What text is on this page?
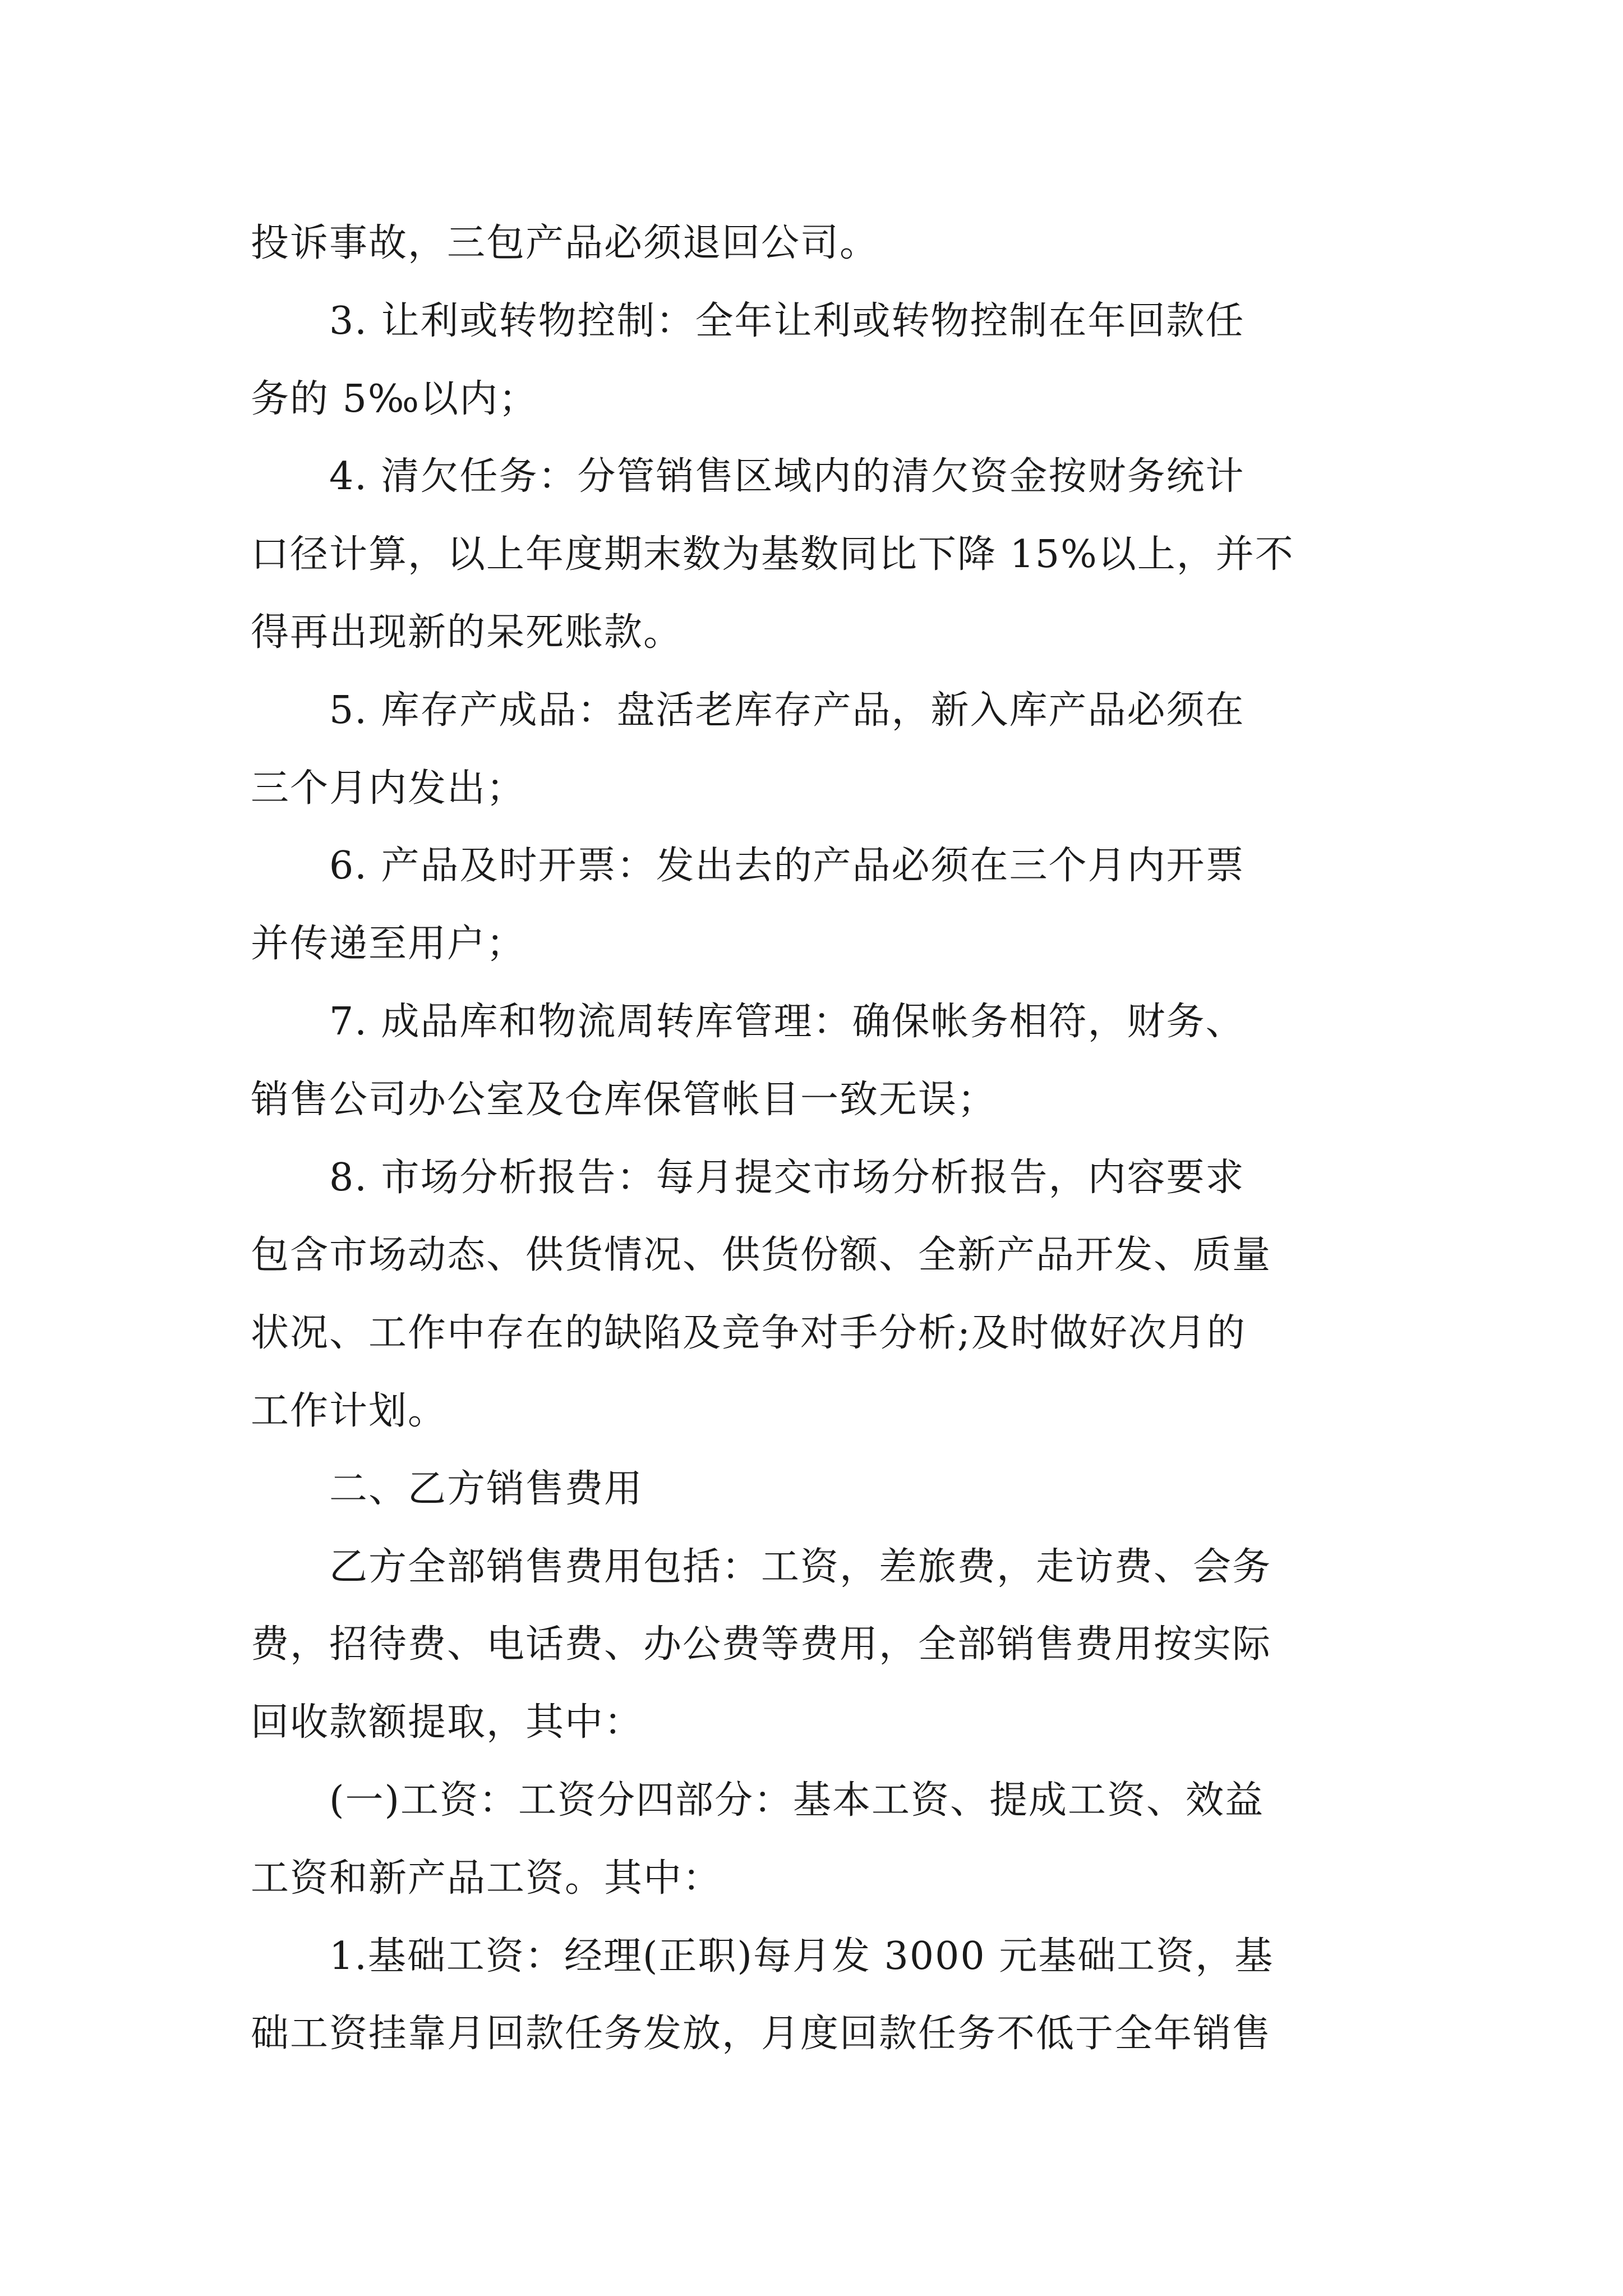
投诉事故，三包产品必须退回公司。
3. 让利或转物控制：全年让利或转物控制在年回款任
务的 5‰以内；
4. 清欠任务：分管销售区域内的清欠资金按财务统计
口径计算，以上年度期末数为基数同比下降 15%以上，并不
得再出现新的呆死账款。
5. 库存产成品：盘活老库存产品，新入库产品必须在
三个月内发出；
6. 产品及时开票：发出去的产品必须在三个月内开票
并传递至用户；
7. 成品库和物流周转库管理：确保帐务相符，财务、
销售公司办公室及仓库保管帐目一致无误；
8. 市场分析报告：每月提交市场分析报告，内容要求
包含市场动态、供货情况、供货份额、全新产品开发、质量
状况、工作中存在的缺陷及竞争对手分析;及时做好次月的
工作计划。
二、乙方销售费用
乙方全部销售费用包括：工资，差旅费，走访费、会务
费，招待费、电话费、办公费等费用，全部销售费用按实际
回收款额提取，其中：
(一)工资：工资分四部分：基本工资、提成工资、效益
工资和新产品工资。其中：
1.基础工资：经理(正职)每月发 3000 元基础工资，基
础工资挂靠月回款任务发放，月度回款任务不低于全年销售
